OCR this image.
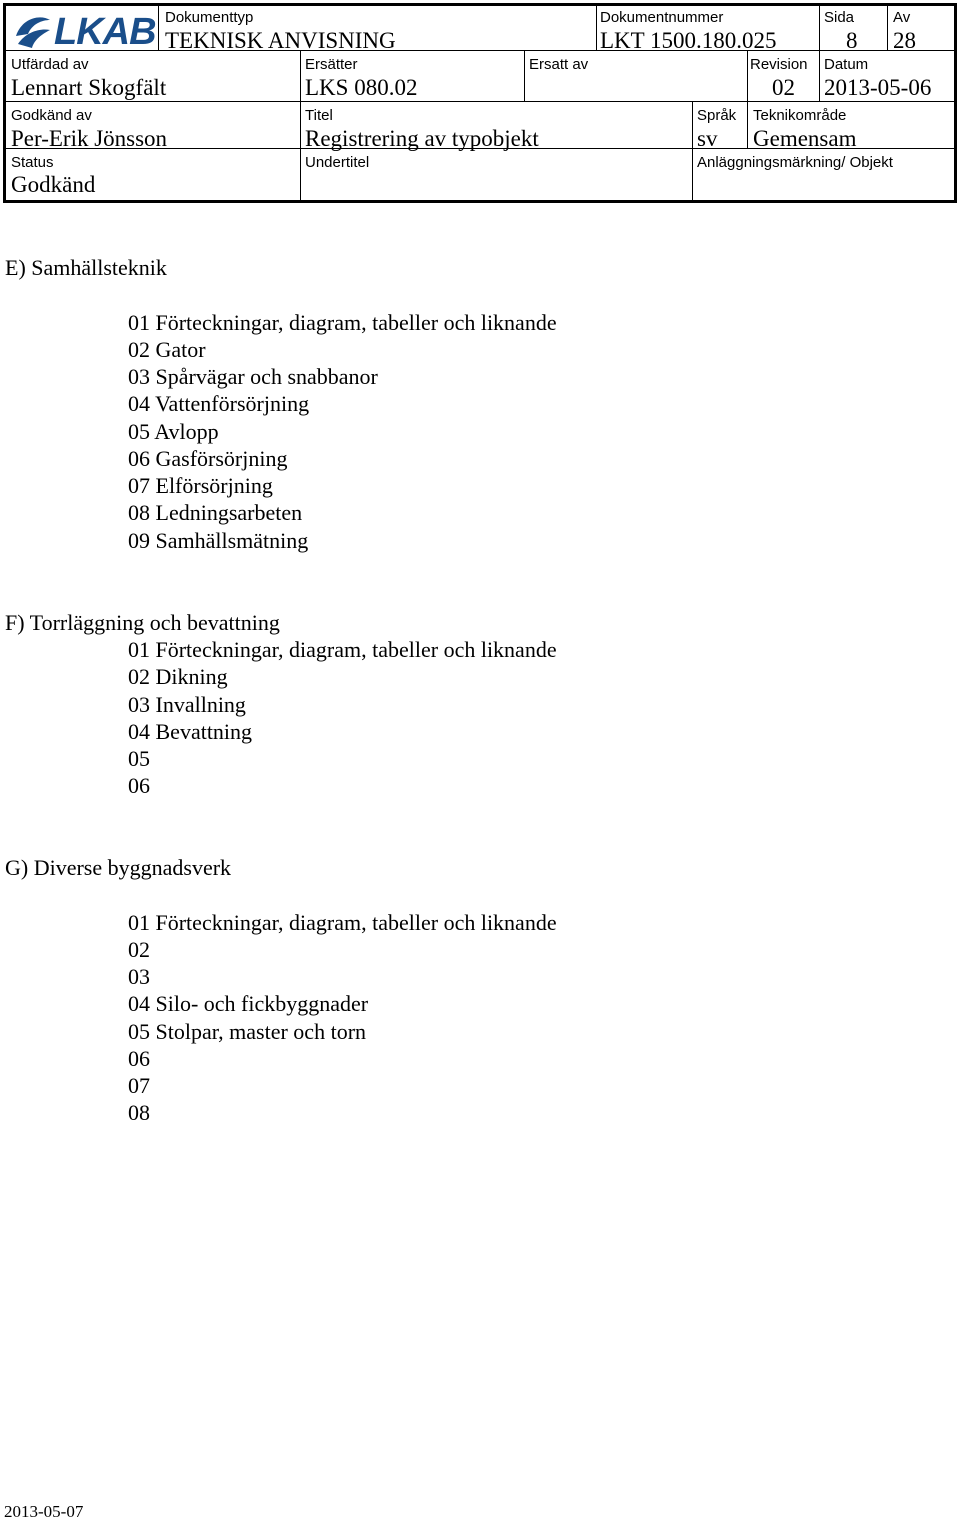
LKAB Dokumenttyp
TEKNISK ANVISNING
Dokumentnummer
LKT 1500.180.025
Sida
8
Av
28
Utfärdad av
Lennart Skogfält
Ersätter
LKS 080.02
Ersatt av	Revision
02
Datum
2013-05-06
Godkänd av
Per-Erik Jönsson
Titel
Registrering av typobjekt
Språk
sv
Teknikområde
Gemensam
Status
Godkänd
Undertitel	Anläggningsmärkning/ Objekt
E) Samhällsteknik
01 Förteckningar, diagram, tabeller och liknande
02 Gator
03 Spårvägar och snabbanor
04 Vattenförsörjning
05 Avlopp
06 Gasförsörjning
07 Elförsörjning
08 Ledningsarbeten
09 Samhällsmätning
F) Torrläggning och bevattning
01 Förteckningar, diagram, tabeller och liknande
02 Dikning
03 Invallning
04 Bevattning
05
06
G) Diverse byggnadsverk
01 Förteckningar, diagram, tabeller och liknande
02
03
04 Silo- och fickbyggnader
05 Stolpar, master och torn
06
07
08
2013-05-07
